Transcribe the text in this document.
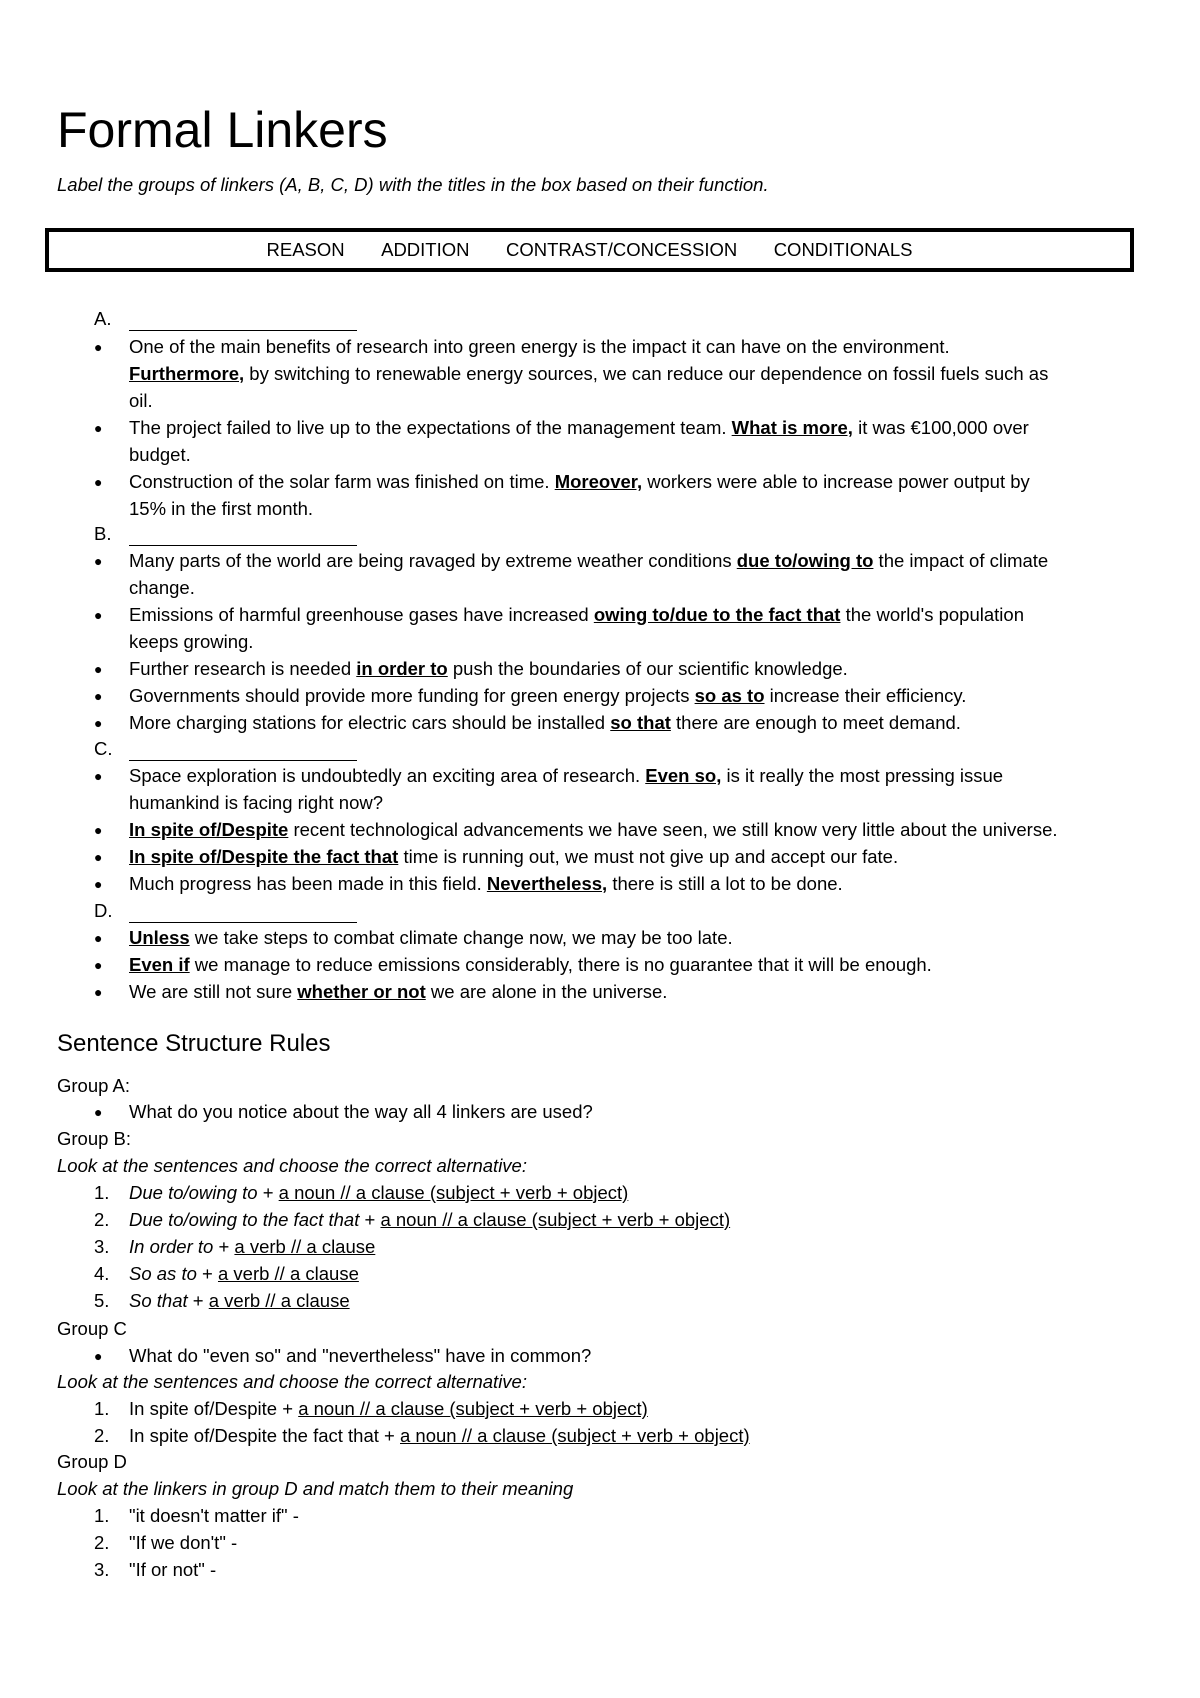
Formal Linkers

Label the groups of linkers (A, B, C, D) with the titles in the box based on their function.

REASON ADDITION CONTRAST/CONCESSION CONDITIONALS
A.
● One of the main benefits of research into green energy is the impact it can have on the environment.
Furthermore, by switching to renewable energy sources, we can reduce our dependence on fossil fuels such as
oil.
● The project failed to live up to the expectations of the management team. What is more, it was €100,000 over
budget.
● Construction of the solar farm was finished on time. Moreover, workers were able to increase power output by
15% in the first month.
B.
● Many parts of the world are being ravaged by extreme weather conditions due to/owing to the impact of climate
change.
● Emissions of harmful greenhouse gases have increased owing to/due to the fact that the world's population
keeps growing.
● Further research is needed in order to push the boundaries of our scientific knowledge.
● Governments should provide more funding for green energy projects so as to increase their efficiency.
● More charging stations for electric cars should be installed so that there are enough to meet demand.
C.
● Space exploration is undoubtedly an exciting area of research. Even so, is it really the most pressing issue
humankind is facing right now?
● In spite of/Despite recent technological advancements we have seen, we still know very little about the universe.
● In spite of/Despite the fact that time is running out, we must not give up and accept our fate.
● Much progress has been made in this field. Nevertheless, there is still a lot to be done.
D.
● Unless we take steps to combat climate change now, we may be too late.
● Even if we manage to reduce emissions considerably, there is no guarantee that it will be enough.
● We are still not sure whether or not we are alone in the universe.
Sentence Structure Rules
Group A:
● What do you notice about the way all 4 linkers are used?
Group B:
Look at the sentences and choose the correct alternative:
1. Due to/owing to + a noun // a clause (subject + verb + object)
2. Due to/owing to the fact that + a noun // a clause (subject + verb + object)
3. In order to + a verb // a clause
4. So as to + a verb // a clause
5. So that + a verb // a clause
Group C
● What do "even so" and "nevertheless" have in common?
Look at the sentences and choose the correct alternative:
1. In spite of/Despite + a noun // a clause (subject + verb + object)
2. In spite of/Despite the fact that + a noun // a clause (subject + verb + object)
Group D
Look at the linkers in group D and match them to their meaning
1. "it doesn't matter if" -
2. "If we don't" -
3. "If or not" -
